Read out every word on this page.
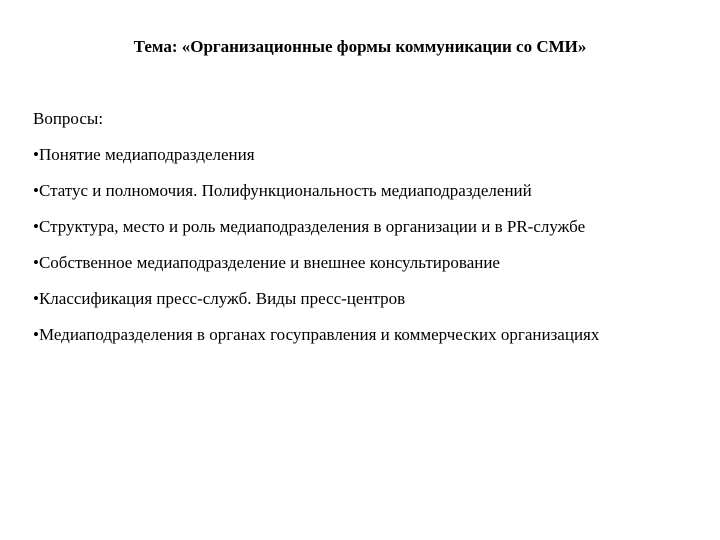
Тема: «Организационные формы коммуникации со СМИ»
Вопросы:
•Понятие медиаподразделения
•Статус и полномочия. Полифункциональность медиаподразделений
•Структура, место и роль медиаподразделения в организации и в PR-службе
•Собственное медиаподразделение и внешнее консультирование
•Классификация пресс-служб. Виды пресс-центров
•Медиаподразделения в органах госуправления и коммерческих организациях
